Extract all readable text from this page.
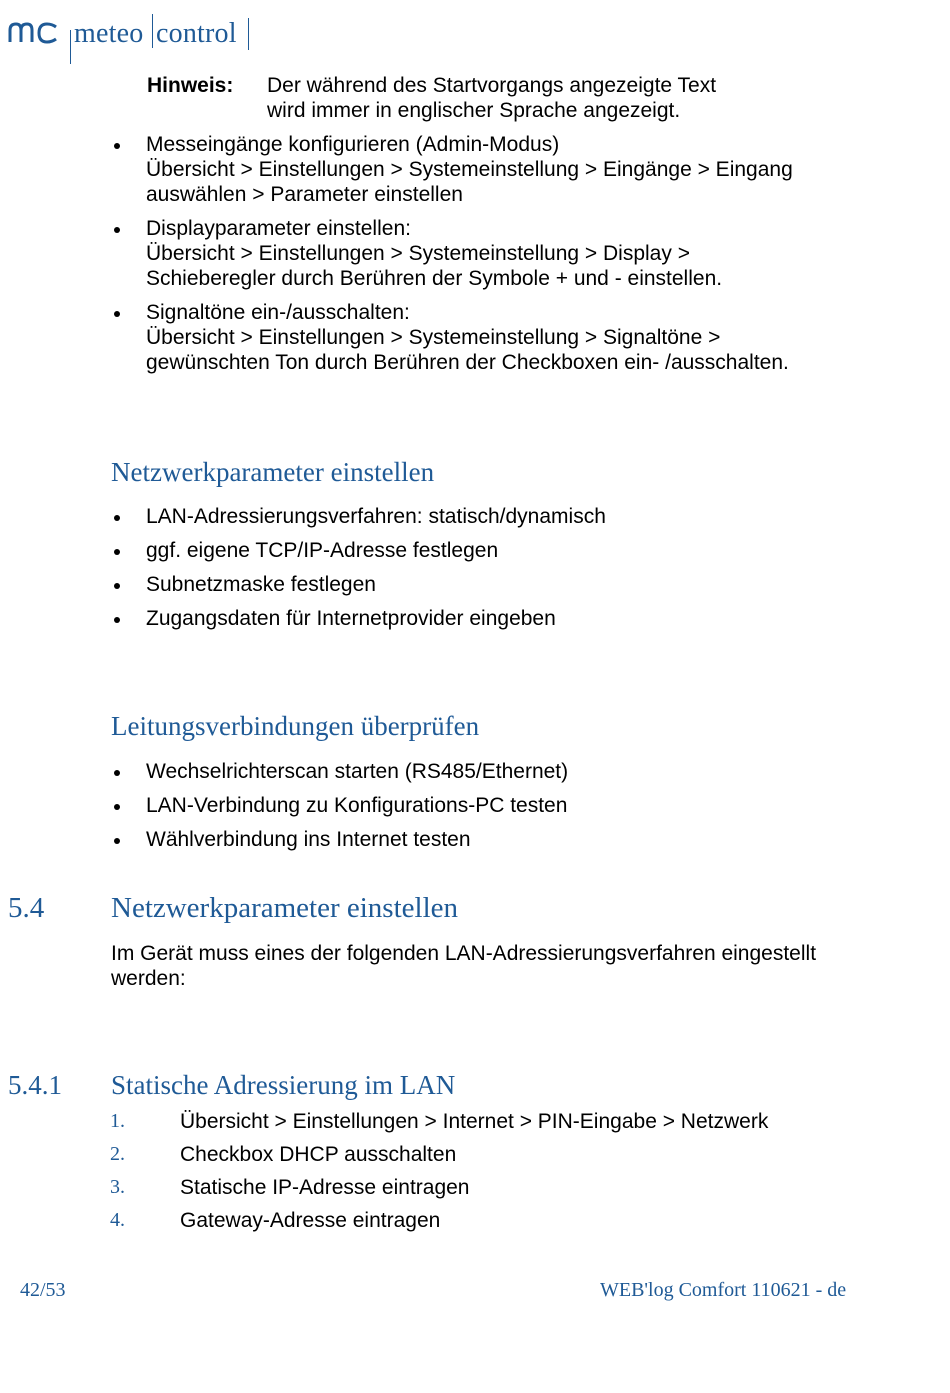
meteo control
Hinweis: Der während des Startvorgangs angezeigte Text
wird immer in englischer Sprache angezeigt.
Messeingänge konfigurieren (Admin-Modus)
Übersicht > Einstellungen > Systemeinstellung > Eingänge > Eingang
auswählen > Parameter einstellen
Displayparameter einstellen:
Übersicht > Einstellungen > Systemeinstellung > Display >
Schieberegler durch Berühren der Symbole + und - einstellen.
Signaltöne ein-/ausschalten:
Übersicht > Einstellungen > Systemeinstellung > Signaltöne >
gewünschten Ton durch Berühren der Checkboxen ein- /ausschalten.
Netzwerkparameter einstellen
LAN-Adressierungsverfahren: statisch/dynamisch
ggf. eigene TCP/IP-Adresse festlegen
Subnetzmaske festlegen
Zugangsdaten für Internetprovider eingeben
Leitungsverbindungen überprüfen
Wechselrichterscan starten (RS485/Ethernet)
LAN-Verbindung zu Konfigurations-PC testen
Wählverbindung ins Internet testen
5.4 Netzwerkparameter einstellen
Im Gerät muss eines der folgenden LAN-Adressierungsverfahren eingestellt
werden:
5.4.1 Statische Adressierung im LAN
1.	Übersicht > Einstellungen > Internet > PIN-Eingabe > Netzwerk
2.	Checkbox DHCP ausschalten
3.	Statische IP-Adresse eintragen
4.	Gateway-Adresse eintragen
42/53	WEB'log Comfort 110621 - de
